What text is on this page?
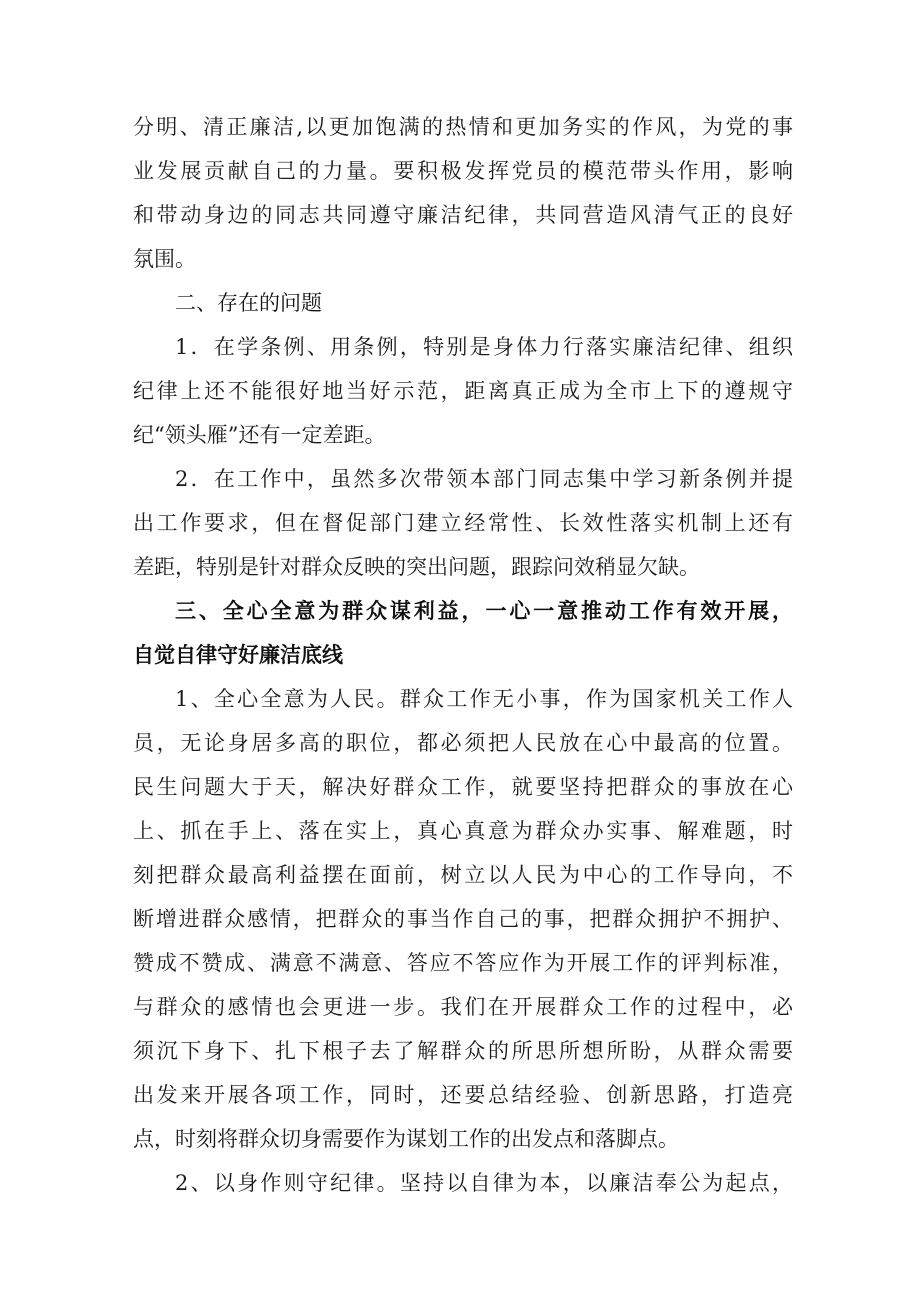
分明、清正廉洁,以更加饱满的热情和更加务实的作风，为党的事
业发展贡献自己的力量。要积极发挥党员的模范带头作用，影响
和带动身边的同志共同遵守廉洁纪律，共同营造风清气正的良好
氛围。
二、存在的问题
1．在学条例、用条例，特别是身体力行落实廉洁纪律、组织
纪律上还不能很好地当好示范，距离真正成为全市上下的遵规守
纪“领头雁”还有一定差距。
2．在工作中，虽然多次带领本部门同志集中学习新条例并提
出工作要求，但在督促部门建立经常性、长效性落实机制上还有
差距，特别是针对群众反映的突出问题，跟踪问效稍显欠缺。
三、全心全意为群众谋利益，一心一意推动工作有效开展，
自觉自律守好廉洁底线
1、全心全意为人民。群众工作无小事，作为国家机关工作人
员，无论身居多高的职位，都必须把人民放在心中最高的位置。
民生问题大于天，解决好群众工作，就要坚持把群众的事放在心
上、抓在手上、落在实上，真心真意为群众办实事、解难题，时
刻把群众最高利益摆在面前，树立以人民为中心的工作导向，不
断增进群众感情，把群众的事当作自己的事，把群众拥护不拥护、
赞成不赞成、满意不满意、答应不答应作为开展工作的评判标准，
与群众的感情也会更进一步。我们在开展群众工作的过程中，必
须沉下身下、扎下根子去了解群众的所思所想所盼，从群众需要
出发来开展各项工作，同时，还要总结经验、创新思路，打造亮
点，时刻将群众切身需要作为谋划工作的出发点和落脚点。
2、以身作则守纪律。坚持以自律为本，以廉洁奉公为起点，
